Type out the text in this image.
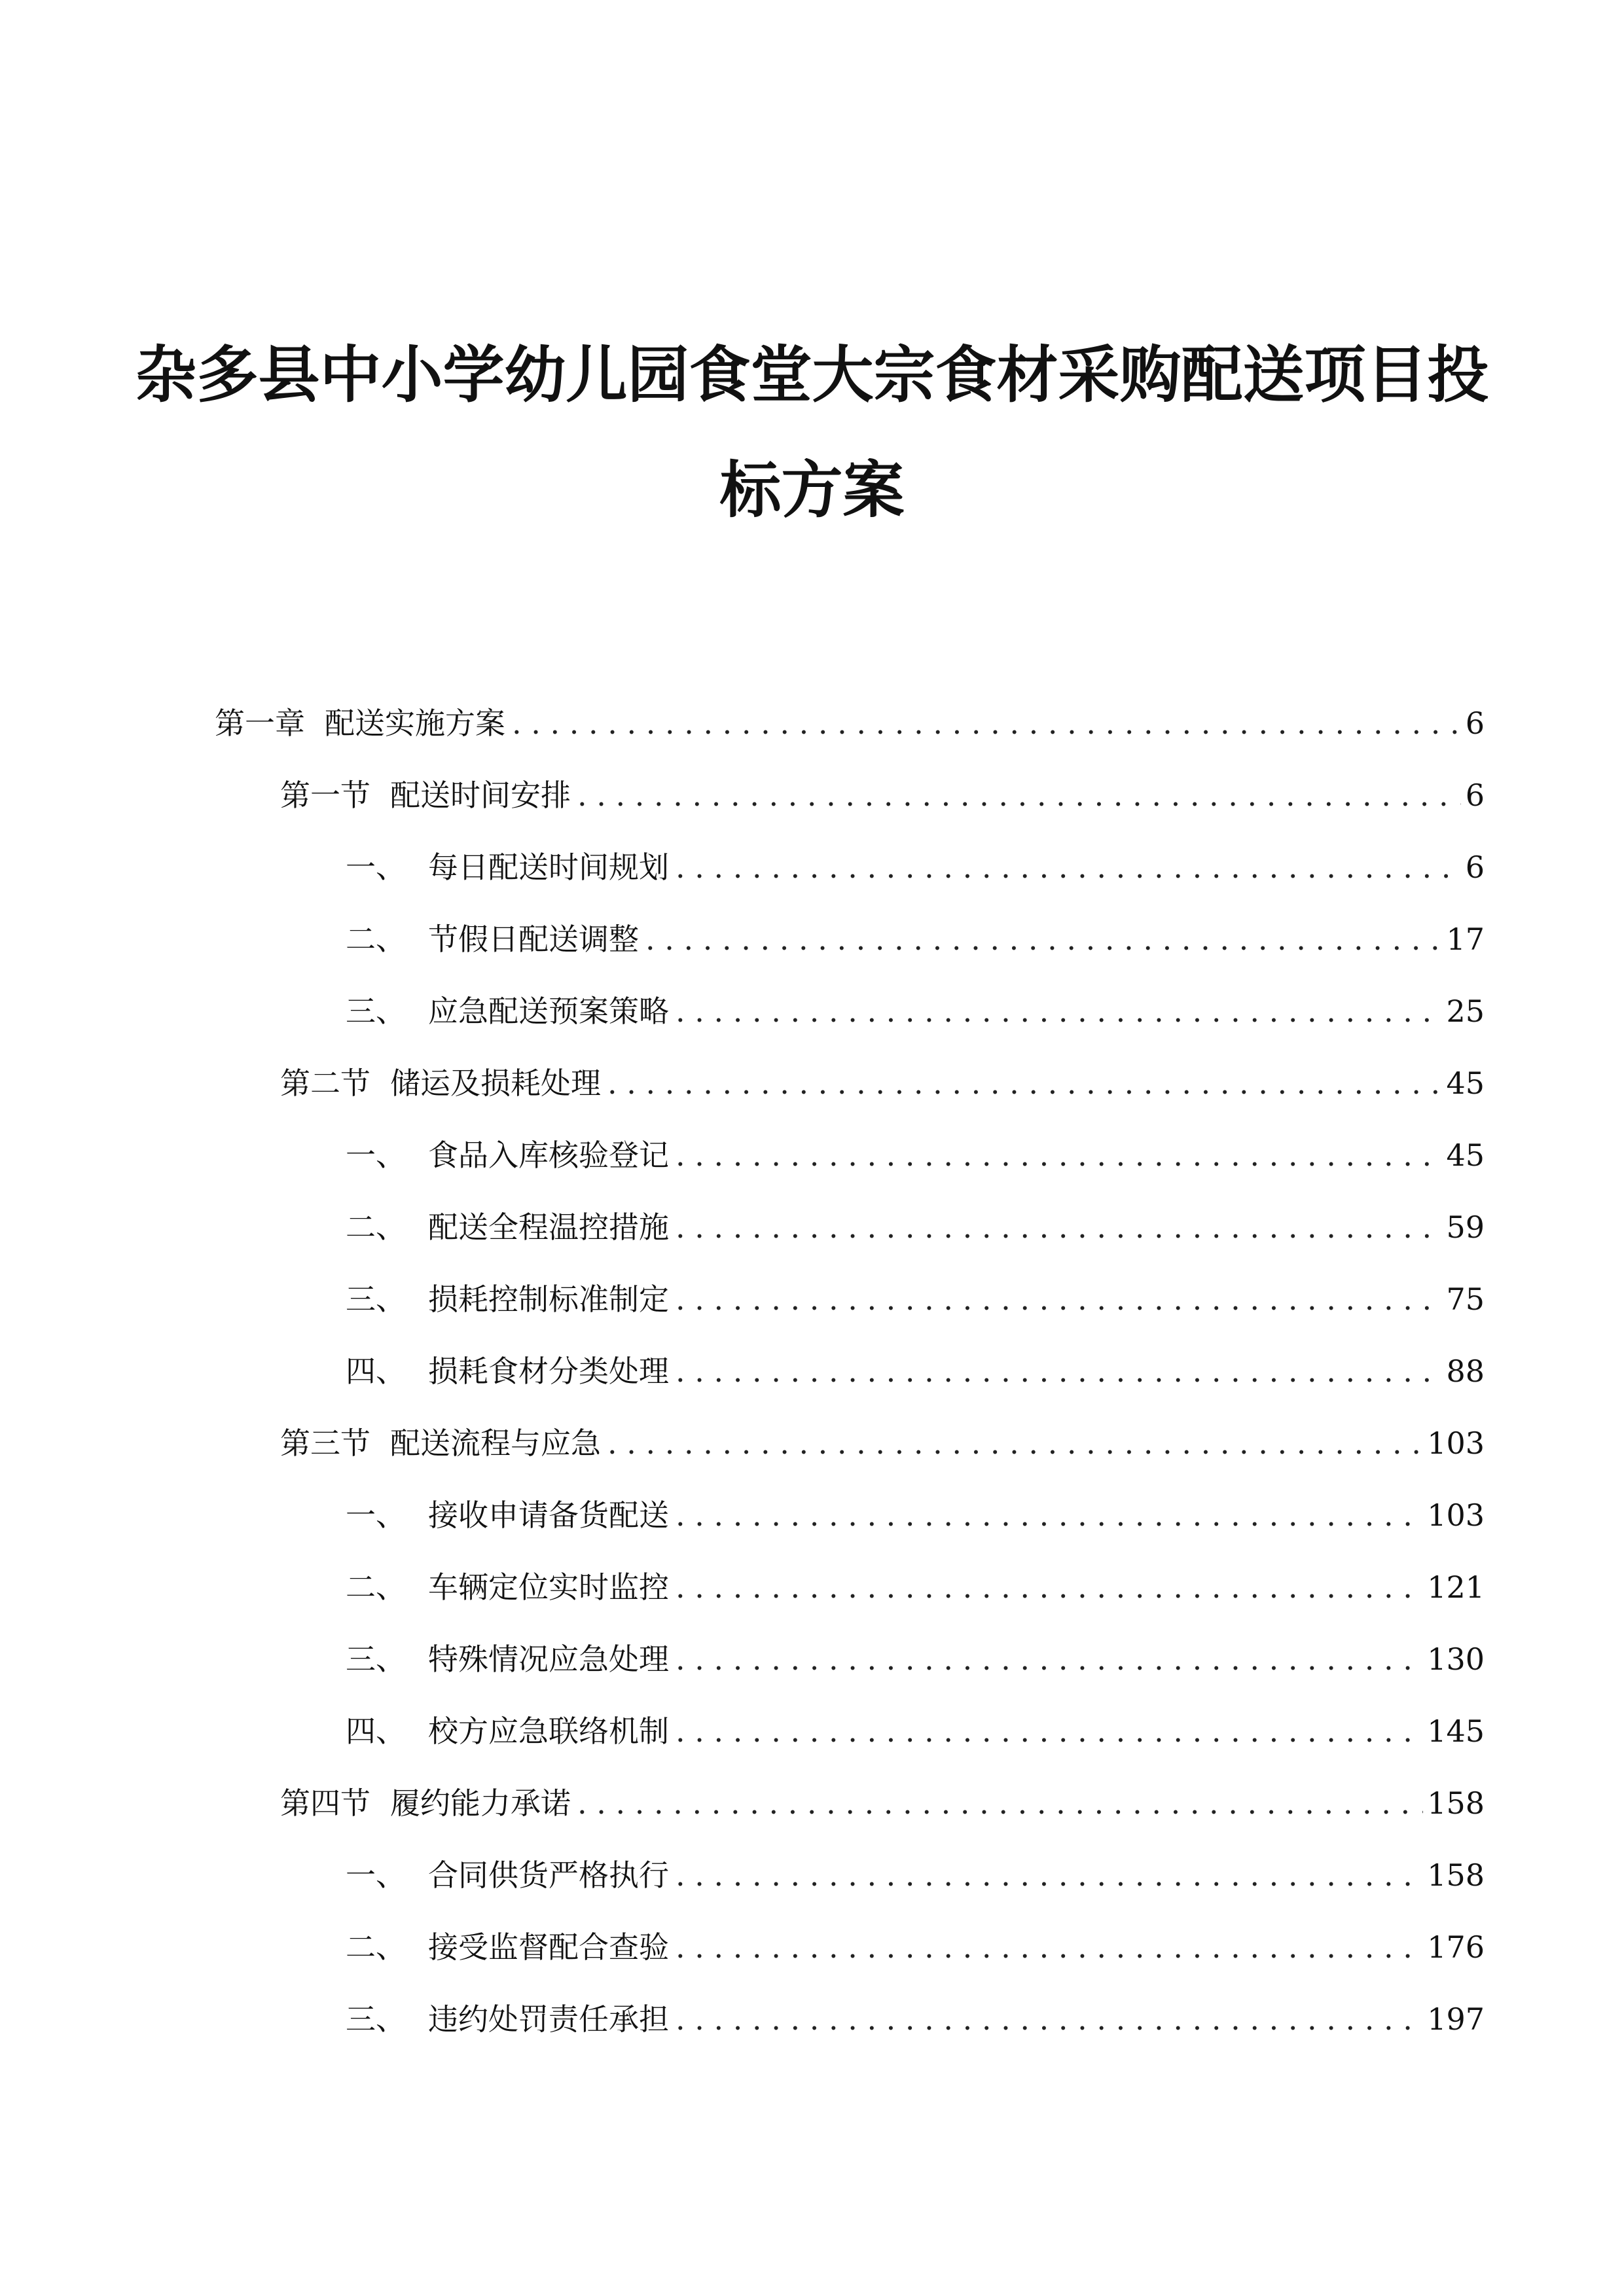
杂多县中小学幼儿园食堂大宗食材采购配送项目投
标方案
第一章 配送实施方案 . . .	6
第一节 配送时间安排 . . .	6
一、 每日配送时间规划 . . .	6
二、 节假日配送调整 . . .	17
三、 应急配送预案策略 . . .	25
第二节 储运及损耗处理 . . .	45
一、 食品入库核验登记 . . .	45
二、 配送全程温控措施 . . .	59
三、 损耗控制标准制定 . . .	75
四、 损耗食材分类处理 . . .	88
第三节 配送流程与应急 . . .	103
一、 接收申请备货配送 . . .	103
二、 车辆定位实时监控 . . .	121
三、 特殊情况应急处理 . . .	130
四、 校方应急联络机制 . . .	145
第四节 履约能力承诺 . . .	158
一、 合同供货严格执行 . . .	158
二、 接受监督配合查验 . . .	176
三、 违约处罚责任承担 . . .	197
